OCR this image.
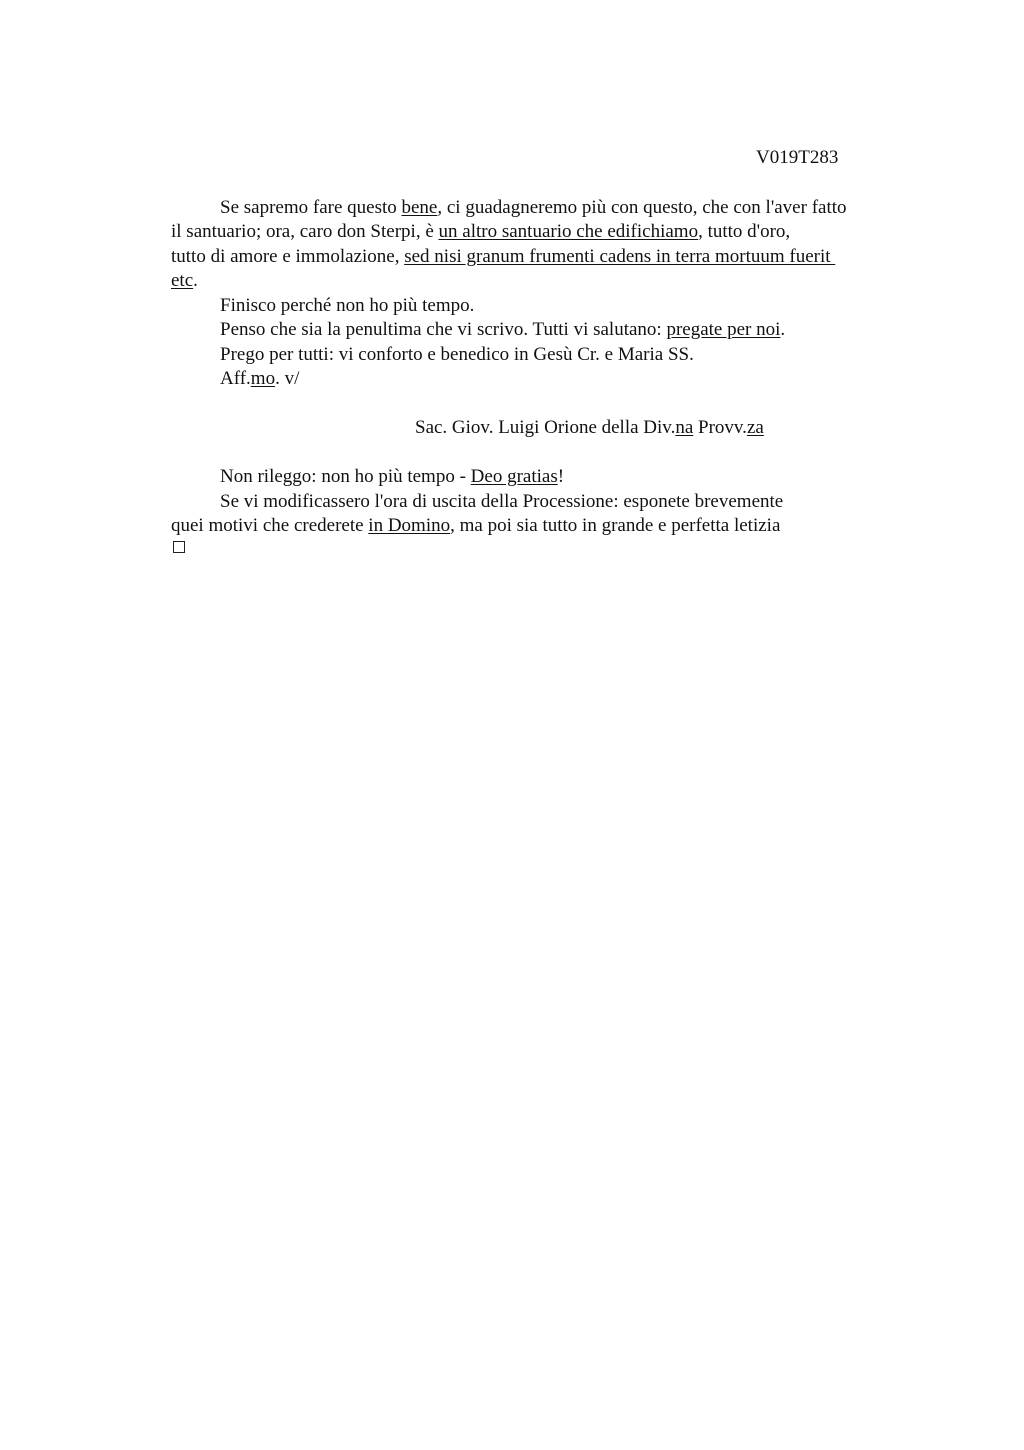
V019T283
Se sapremo fare questo bene, ci guadagneremo più con questo, che con l'aver fatto
il santuario; ora, caro don Sterpi, è un altro santuario che edifichiamo, tutto d'oro,
tutto di amore e immolazione, sed nisi granum frumenti cadens in terra mortuum fuerit
etc.
Finisco perché non ho più tempo.
Penso che sia la penultima che vi scrivo. Tutti vi salutano: pregate per noi.
Prego per tutti: vi conforto e benedico in Gesù Cr. e Maria SS.
Aff.mo. v/
Sac. Giov. Luigi Orione della Div.na Provv.za
Non rileggo: non ho più tempo - Deo gratias!
Se vi modificassero l'ora di uscita della Processione: esponete brevemente
quei motivi che crederete in Domino, ma poi sia tutto in grande e perfetta letizia
